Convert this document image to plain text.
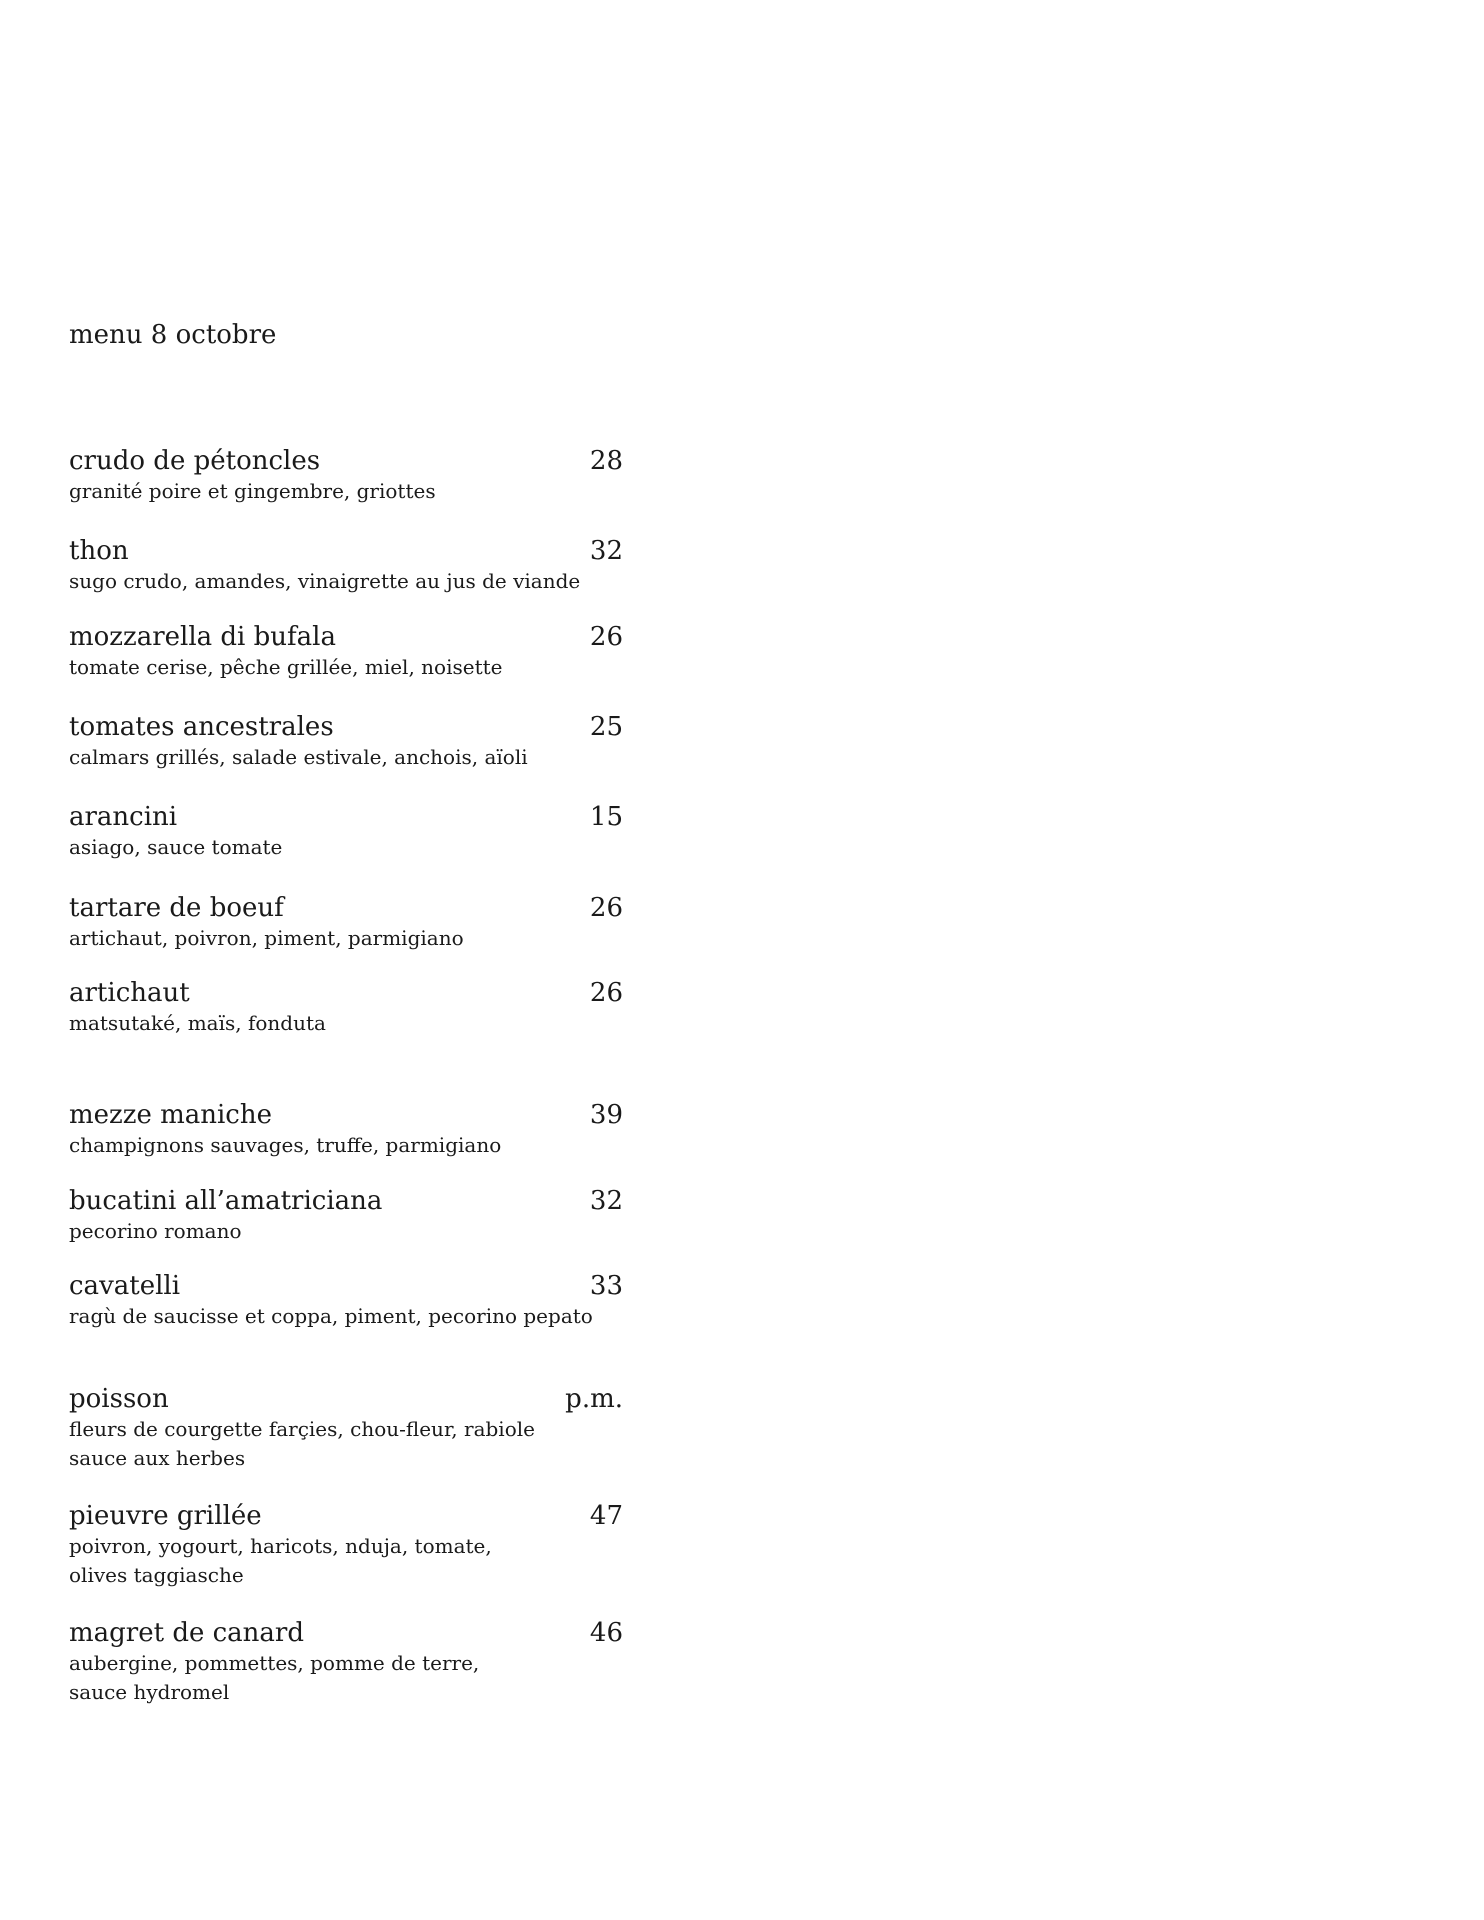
menu 8 octobre
crudo de pétoncles	28
granité poire et gingembre, griottes
thon	32
sugo crudo, amandes, vinaigrette au jus de viande
mozzarella di bufala	26
tomate cerise, pêche grillée, miel, noisette
tomates ancestrales	25
calmars grillés, salade estivale, anchois, aïoli
arancini	15
asiago, sauce tomate
tartare de boeuf	26
artichaut, poivron, piment, parmigiano
artichaut	26
matsutaké, maïs, fonduta
mezze maniche	39
champignons sauvages, truffe, parmigiano
bucatini all’amatriciana	32
pecorino romano
cavatelli	33
ragù de saucisse et coppa, piment, pecorino pepato
poisson	p.m.
fleurs de courgette farçies, chou-fleur, rabiole
sauce aux herbes
pieuvre grillée	47
poivron, yogourt, haricots, nduja, tomate,
olives taggiasche
magret de canard	46
aubergine, pommettes, pomme de terre,
sauce hydromel
